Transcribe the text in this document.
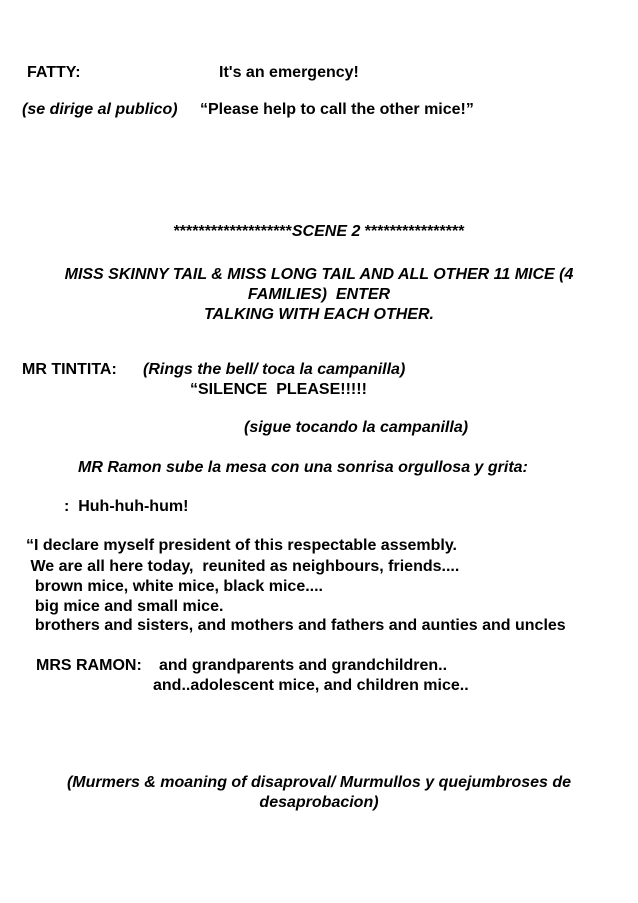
FATTY:	It's an emergency!
(se dirige al publico) “Please help to call the other mice!”
*******************SCENE 2 ****************
MISS SKINNY TAIL & MISS LONG TAIL AND ALL OTHER 11 MICE (4
FAMILIES)  ENTER
TALKING WITH EACH OTHER.
MR TINTITA: (Rings the bell/ toca la campanilla)
“SILENCE  PLEASE!!!!!
(sigue tocando la campanilla)
MR Ramon sube la mesa con una sonrisa orgullosa y grita:
:  Huh-huh-hum!
“I declare myself president of this respectable assembly.
We are all here today,  reunited as neighbours, friends....
brown mice, white mice, black mice....
big mice and small mice.
brothers and sisters, and mothers and fathers and aunties and uncles
MRS RAMON: and grandparents and grandchildren..
and..adolescent mice, and children mice..
(Murmers & moaning of disaproval/ Murmullos y quejumbroses de
desaprobacion)
